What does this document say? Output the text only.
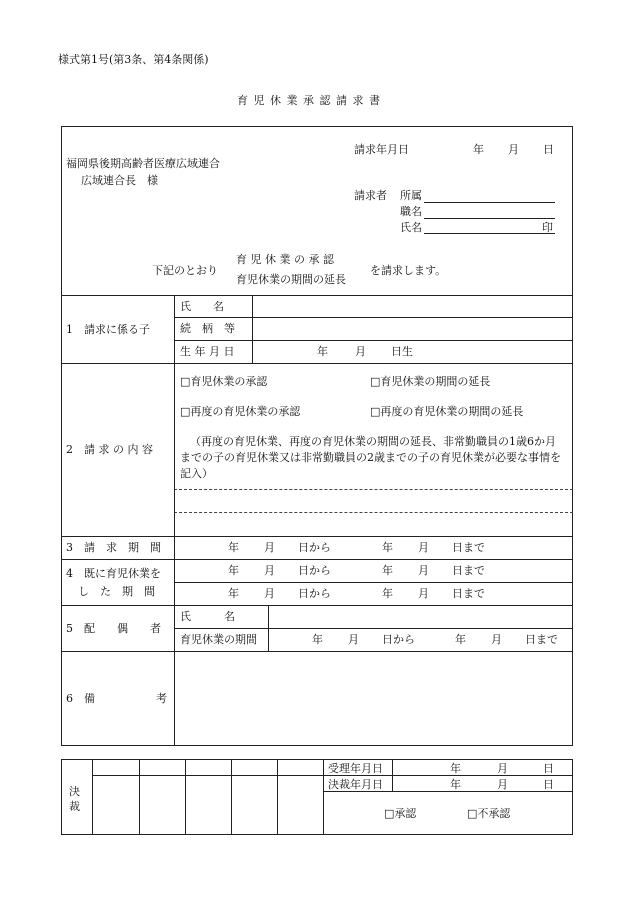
様式第1号(第3条、第4条関係)
育 児 休 業 承 認 請 求 書
請求年月日	年 月 日
福岡県後期高齢者医療広域連合
広域連合長　様
請求者 所属
職名
氏名	印
下記のとおり
育 児 休 業 の 承 認
育児休業の期間の延長
を請求します。
1　請求に係る子
氏　　名
続　柄　等
生 年 月 日	年 月 日生
2　請 求 の 内 容
□育児休業の承認	□育児休業の期間の延長
□再度の育児休業の承認	□再度の育児休業の期間の延長
（再度の育児休業、再度の育児休業の期間の延長、非常勤職員の1歳6か月までの子の育児休業又は非常勤職員の2歳までの子の育児休業が必要な事情を記入）
3　請　求　期　間	年 月 日から	年 月 日まで
4　既に育児休業を
し　た　期　間
年 月 日から	年 月 日まで
年 月 日から	年 月 日まで
5　配　　偶　　者
氏　　　名
育児休業の期間	年 月 日から	年 月 日まで
6　備	考
決裁
受理年月日	年	月	日
決裁年月日	年	月	日
□承認	□不承認
